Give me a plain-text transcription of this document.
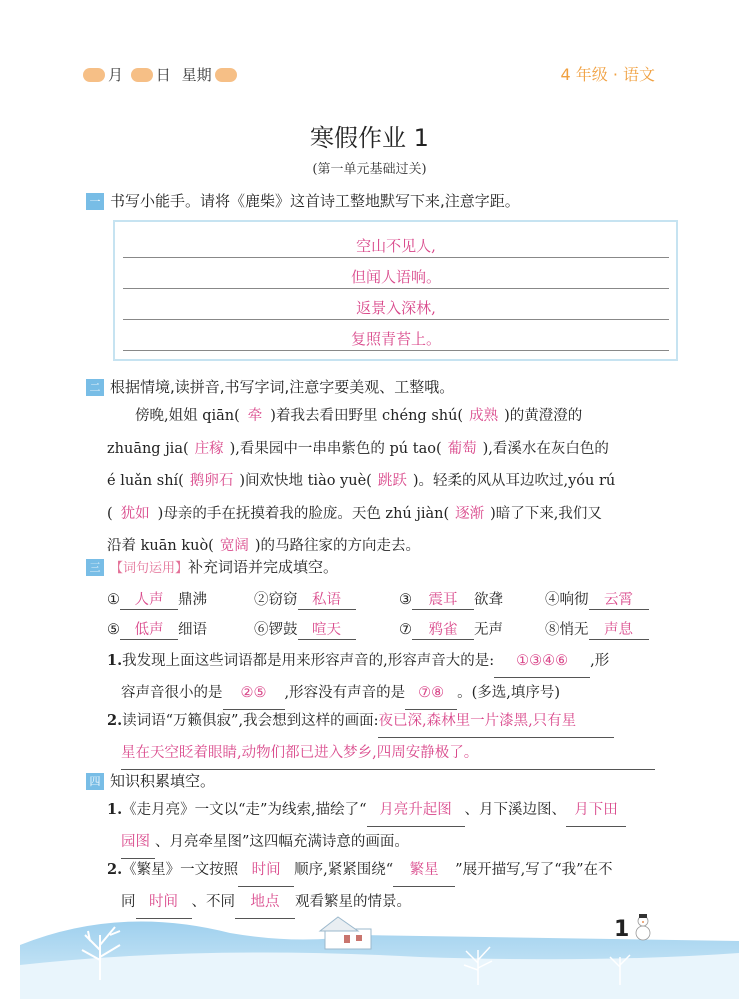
月 日 星期	4 年级 · 语文
寒假作业 1
(第一单元基础过关)
一 书写小能手。请将《鹿柴》这首诗工整地默写下来,注意字距。
空山不见人,
但闻人语响。
返景入深林,
复照青苔上。
二 根据情境,读拼音,书写字词,注意字要美观、工整哦。
傍晚,姐姐 qiān( 牵 )着我去看田野里 chéng shú( 成熟 )的黄澄澄的
zhuāng jia( 庄稼 ),看果园中一串串紫色的 pú tao( 葡萄 ),看溪水在灰白色的
é luǎn shí( 鹅卵石 )间欢快地 tiào yuè( 跳跃 )。轻柔的风从耳边吹过,yóu rú
( 犹如 )母亲的手在抚摸着我的脸庞。天色 zhú jiàn( 逐渐 )暗了下来,我们又
沿着 kuān kuò( 宽阔 )的马路往家的方向走去。
三 【词句运用】补充词语并完成填空。
① 人声 鼎沸	②窃窃 私语	③ 震耳 欲聋	④响彻 云霄
⑤ 低声 细语	⑥锣鼓 喧天	⑦ 鸦雀 无声	⑧悄无 声息
1.我发现上面这些词语都是用来形容声音的,形容声音大的是: ①③④⑥ ,形
容声音很小的是 ②⑤ ,形容没有声音的是 ⑦⑧ 。(多选,填序号)
2.读词语“万籁俱寂”,我会想到这样的画面:夜已深,森林里一片漆黑,只有星
星在天空眨着眼睛,动物们都已进入梦乡,四周安静极了。
四 知识积累填空。
1.《走月亮》一文以“走”为线索,描绘了“ 月亮升起图 、月下溪边图、 月下田
园图 、月亮牵星图”这四幅充满诗意的画面。
2.《繁星》一文按照 时间 顺序,紧紧围绕“ 繁星 ”展开描写,写了“我”在不
同 时间 、不同 地点 观看繁星的情景。
1
